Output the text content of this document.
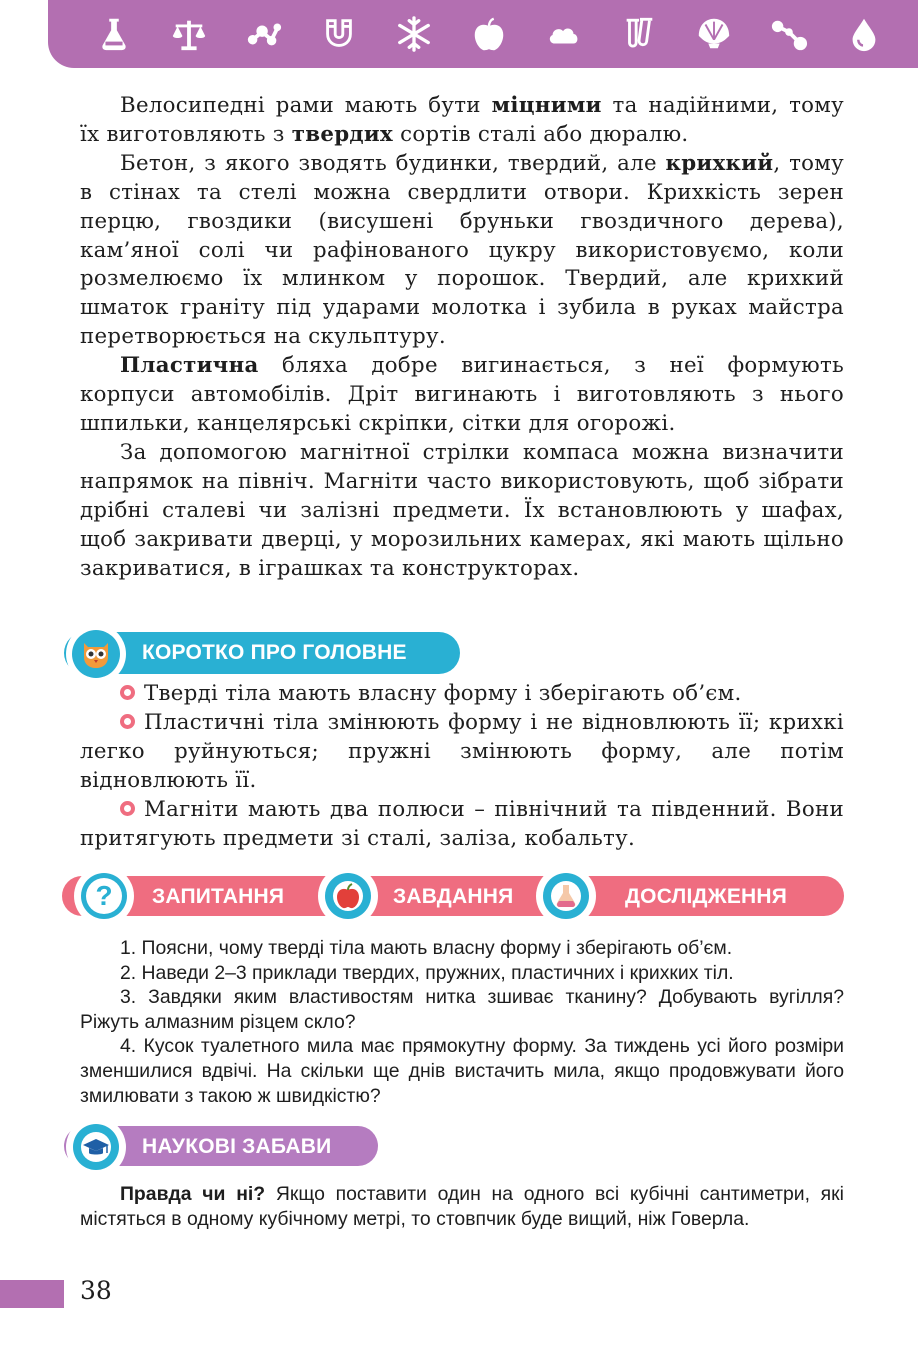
Велосипедні рами мають бути міцними та надійними, тому їх виготовляють з твердих сортів сталі або дюралю.

Бетон, з якого зводять будинки, твердий, але крихкий, тому в стінах та стелі можна свердлити отвори. Крихкість зерен перцю, гвоздики (висушені бруньки гвоздичного дерева), кам’яної солі чи рафінованого цукру використовуємо, коли розмелюємо їх млинком у порошок. Твердий, але крихкий шматок граніту під ударами молотка і зубила в руках майстра перетворюється на скульптуру.

Пластична бляха добре вигинається, з неї формують корпуси автомобілів. Дріт вигинають і виготовляють з нього шпильки, канцелярські скріпки, сітки для огорожі.

За допомогою магнітної стрілки компаса можна визначити напрямок на північ. Магніти часто використовують, щоб зібрати дрібні сталеві чи залізні предмети. Їх встановлюють у шафах, щоб закривати дверці, у морозильних камерах, які мають щільно закриватися, в іграшках та конструкторах.

КОРОТКО ПРО ГОЛОВНЕ

Тверді тіла мають власну форму і зберігають об’єм.

Пластичні тіла змінюють форму і не відновлюють її; крихкі легко руйнуються; пружні змінюють форму, але потім відновлюють її.

Магніти мають два полюси – північний та південний. Вони притягують предмети зі сталі, заліза, кобальту.

?	ЗАПИТАННЯ	ЗАВДАННЯ	ДОСЛІДЖЕННЯ

1. Поясни, чому тверді тіла мають власну форму і зберігають об’єм.

2. Наведи 2–3 приклади твердих, пружних, пластичних і крихких тіл.

3. Завдяки яким властивостям нитка зшиває тканину? Добувають вугілля? Ріжуть алмазним різцем скло?

4. Кусок туалетного мила має прямокутну форму. За тиждень усі його розміри зменшилися вдвічі. На скільки ще днів вистачить мила, якщо продовжувати його змилювати з такою ж швидкістю?

НАУКОВІ ЗАБАВИ

Правда чи ні? Якщо поставити один на одного всі кубічні сантиметри, які містяться в одному кубічному метрі, то стовпчик буде вищий, ніж Говерла.

38
